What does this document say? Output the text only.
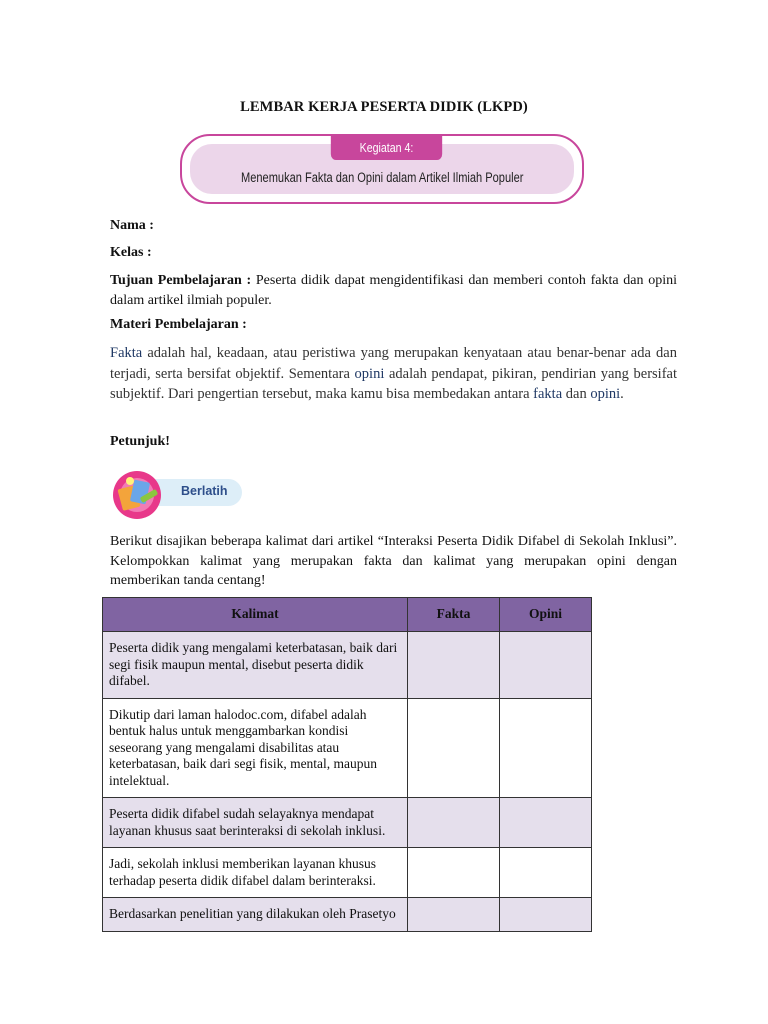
LEMBAR KERJA PESERTA DIDIK (LKPD)
Kegiatan 4:
Menemukan Fakta dan Opini dalam Artikel Ilmiah Populer
Nama :
Kelas :
Tujuan Pembelajaran : Peserta didik dapat mengidentifikasi dan memberi contoh fakta dan opini dalam artikel ilmiah populer.
Materi Pembelajaran :
Fakta adalah hal, keadaan, atau peristiwa yang merupakan kenyataan atau benar-benar ada dan terjadi, serta bersifat objektif. Sementara opini adalah pendapat, pikiran, pendirian yang bersifat subjektif. Dari pengertian tersebut, maka kamu bisa membedakan antara fakta dan opini.
Petunjuk!
Berlatih
Berikut disajikan beberapa kalimat dari artikel “Interaksi Peserta Didik Difabel di Sekolah Inklusi”. Kelompokkan kalimat yang merupakan fakta dan kalimat yang merupakan opini dengan memberikan tanda centang!
Kalimat	Fakta	Opini
Peserta didik yang mengalami keterbatasan, baik dari segi fisik maupun mental, disebut peserta didik difabel.		
Dikutip dari laman halodoc.com, difabel adalah bentuk halus untuk menggambarkan kondisi seseorang yang mengalami disabilitas atau keterbatasan, baik dari segi fisik, mental, maupun intelektual.		
Peserta didik difabel sudah selayaknya mendapat layanan khusus saat berinteraksi di sekolah inklusi.		
Jadi, sekolah inklusi memberikan layanan khusus terhadap peserta didik difabel dalam berinteraksi.		
Berdasarkan penelitian yang dilakukan oleh Prasetyo		
